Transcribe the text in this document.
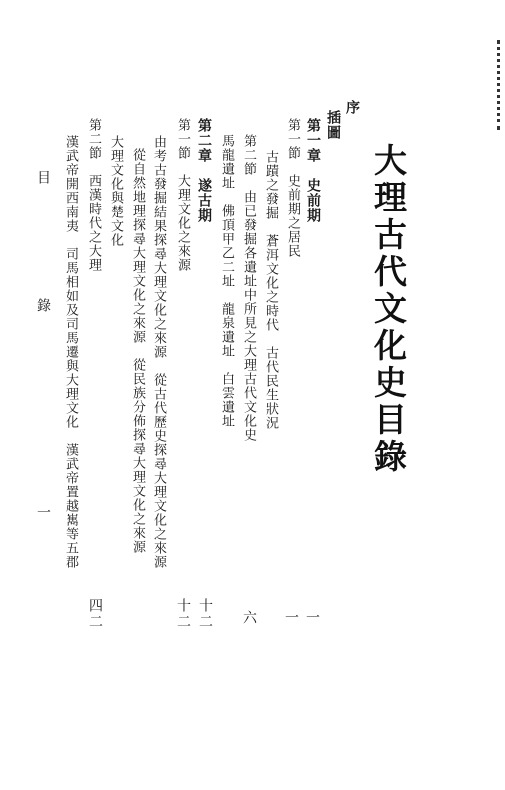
大理古代文化史目錄
序
一
插圖
第一章　史前期
一
第一節　史前期之居民
古蹟之發掘　蒼洱文化之時代　古代民生狀況
第二節　由已發掘各遺址中所見之大理古代文化史
六
馬龍遺址　佛頂甲乙二址　龍泉遺址　白雲遺址
第二章　遂古期
十二
第一節　大理文化之來源
十二
由考古發掘結果探尋大理文化之來源　從古代歷史探尋大理文化之來源
從自然地理探尋大理文化之來源　從民族分佈探尋大理文化之來源
大理文化與楚文化
第二節　西漢時代之大理
四二
漢武帝開西南夷　司馬相如及司馬遷與大理文化　漢武帝置越嶲等五郡
目　錄
一
